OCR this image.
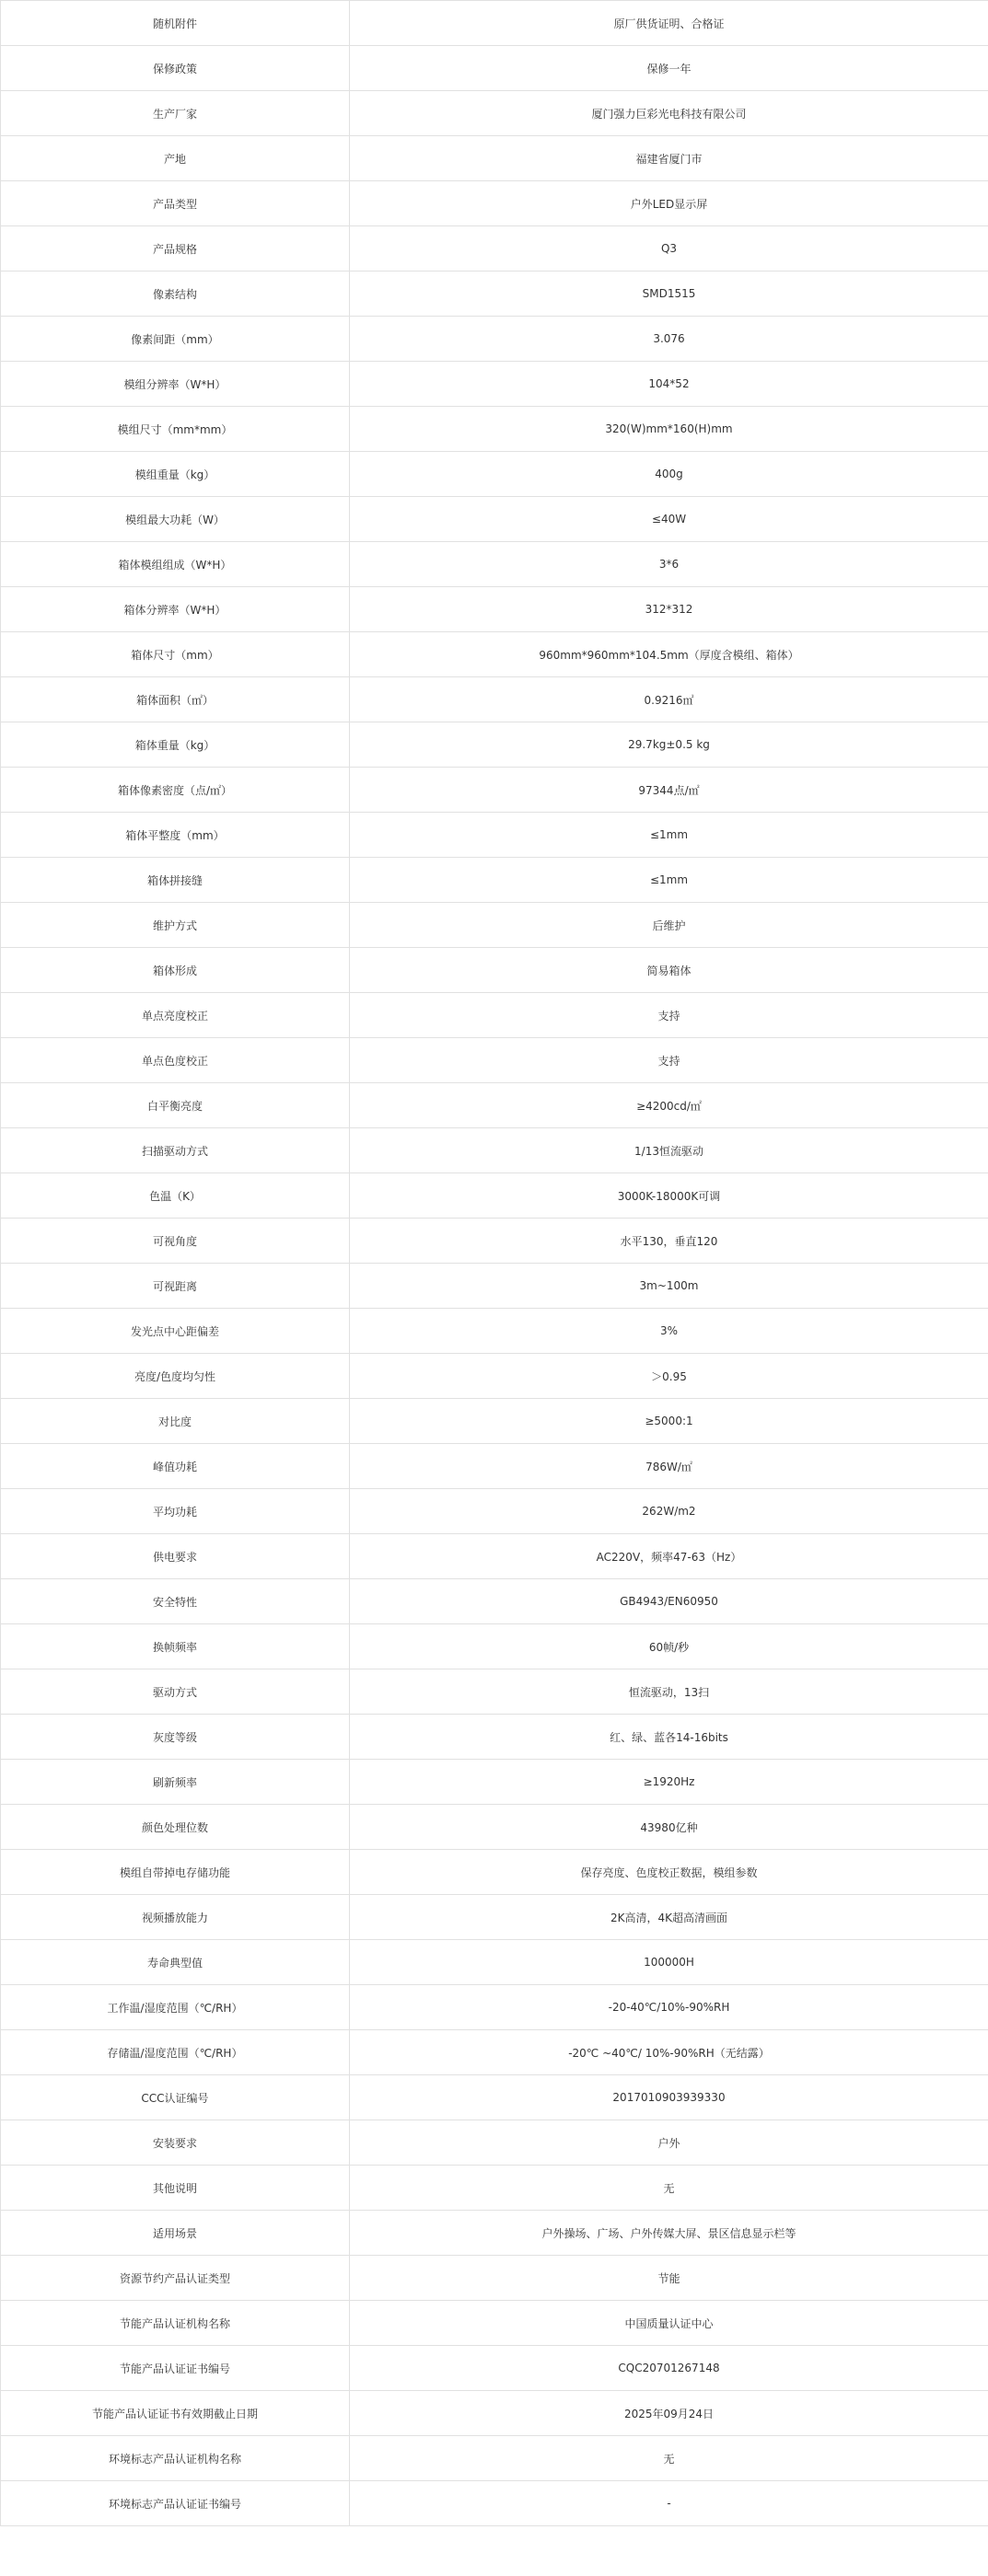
随机附件	原厂供货证明、合格证
保修政策	保修一年
生产厂家	厦门强力巨彩光电科技有限公司
产地	福建省厦门市
产品类型	户外LED显示屏
产品规格	Q3
像素结构	SMD1515
像素间距（mm）	3.076
模组分辨率（W*H）	104*52
模组尺寸（mm*mm）	320(W)mm*160(H)mm
模组重量（kg）	400g
模组最大功耗（W）	≤40W
箱体模组组成（W*H）	3*6
箱体分辨率（W*H）	312*312
箱体尺寸（mm）	960mm*960mm*104.5mm（厚度含模组、箱体）
箱体面积（㎡）	0.9216㎡
箱体重量（kg）	29.7kg±0.5 kg
箱体像素密度（点/㎡）	97344点/㎡
箱体平整度（mm）	≤1mm
箱体拼接缝	≤1mm
维护方式	后维护
箱体形成	简易箱体
单点亮度校正	支持
单点色度校正	支持
白平衡亮度	≥4200cd/㎡
扫描驱动方式	1/13恒流驱动
色温（K）	3000K-18000K可调
可视角度	水平130，垂直120
可视距离	3m~100m
发光点中心距偏差	3%
亮度/色度均匀性	＞0.95
对比度	≥5000:1
峰值功耗	786W/㎡
平均功耗	262W/m2
供电要求	AC220V，频率47-63（Hz）
安全特性	GB4943/EN60950
换帧频率	60帧/秒
驱动方式	恒流驱动，13扫
灰度等级	红、绿、蓝各14-16bits
刷新频率	≥1920Hz
颜色处理位数	43980亿种
模组自带掉电存储功能	保存亮度、色度校正数据，模组参数
视频播放能力	2K高清，4K超高清画面
寿命典型值	100000H
工作温/湿度范围（℃/RH）	-20-40℃/10%-90%RH
存储温/湿度范围（℃/RH）	-20℃ ~40℃/ 10%-90%RH（无结露）
CCC认证编号	2017010903939330
安装要求	户外
其他说明	无
适用场景	户外操场、广场、户外传媒大屏、景区信息显示栏等
资源节约产品认证类型	节能
节能产品认证机构名称	中国质量认证中心
节能产品认证证书编号	CQC20701267148
节能产品认证证书有效期截止日期	2025年09月24日
环境标志产品认证机构名称	无
环境标志产品认证证书编号	-
